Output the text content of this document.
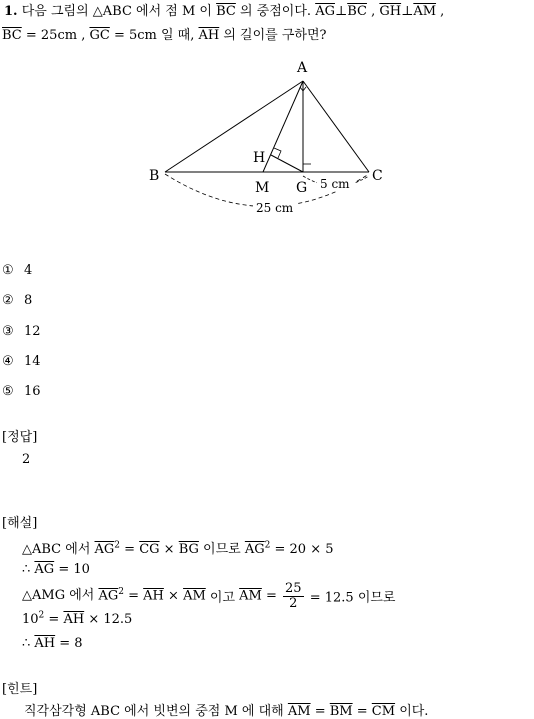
1. 다음 그림의 △ABC 에서 점 M 이 $\overline{BC}$ 의 중점이다. $\overline{AG}\perp\overline{BC}$ , $\overline{GH}\perp\overline{AM}$ ,
$\overline{BC} = 25cm$ , $\overline{GC} = 5cm$ 일 때, $\overline{AH}$ 의 길이를 구하면?
A
B	C
H
M G 5 cm
25 cm
① 4
② 8
③ 12
④ 14
⑤ 16
[정답]
2
[해설]
△ABC 에서 $\overline{AG}^2 = \overline{CG} \times \overline{BG}$ 이므로 $\overline{AG}^2 = 20 \times 5$
∴ $\overline{AG} = 10$
△AMG 에서 $\overline{AG}^2 = \overline{AH} \times \overline{AM}$ 이고 $\overline{AM} = \frac{25}{2} = 12.5$ 이므로
$10^2 = \overline{AH} \times 12.5$
∴ $\overline{AH} = 8$
[힌트]
직각삼각형 ABC 에서 빗변의 중점 M 에 대해 $\overline{AM} = \overline{BM} = \overline{CM}$ 이다.
